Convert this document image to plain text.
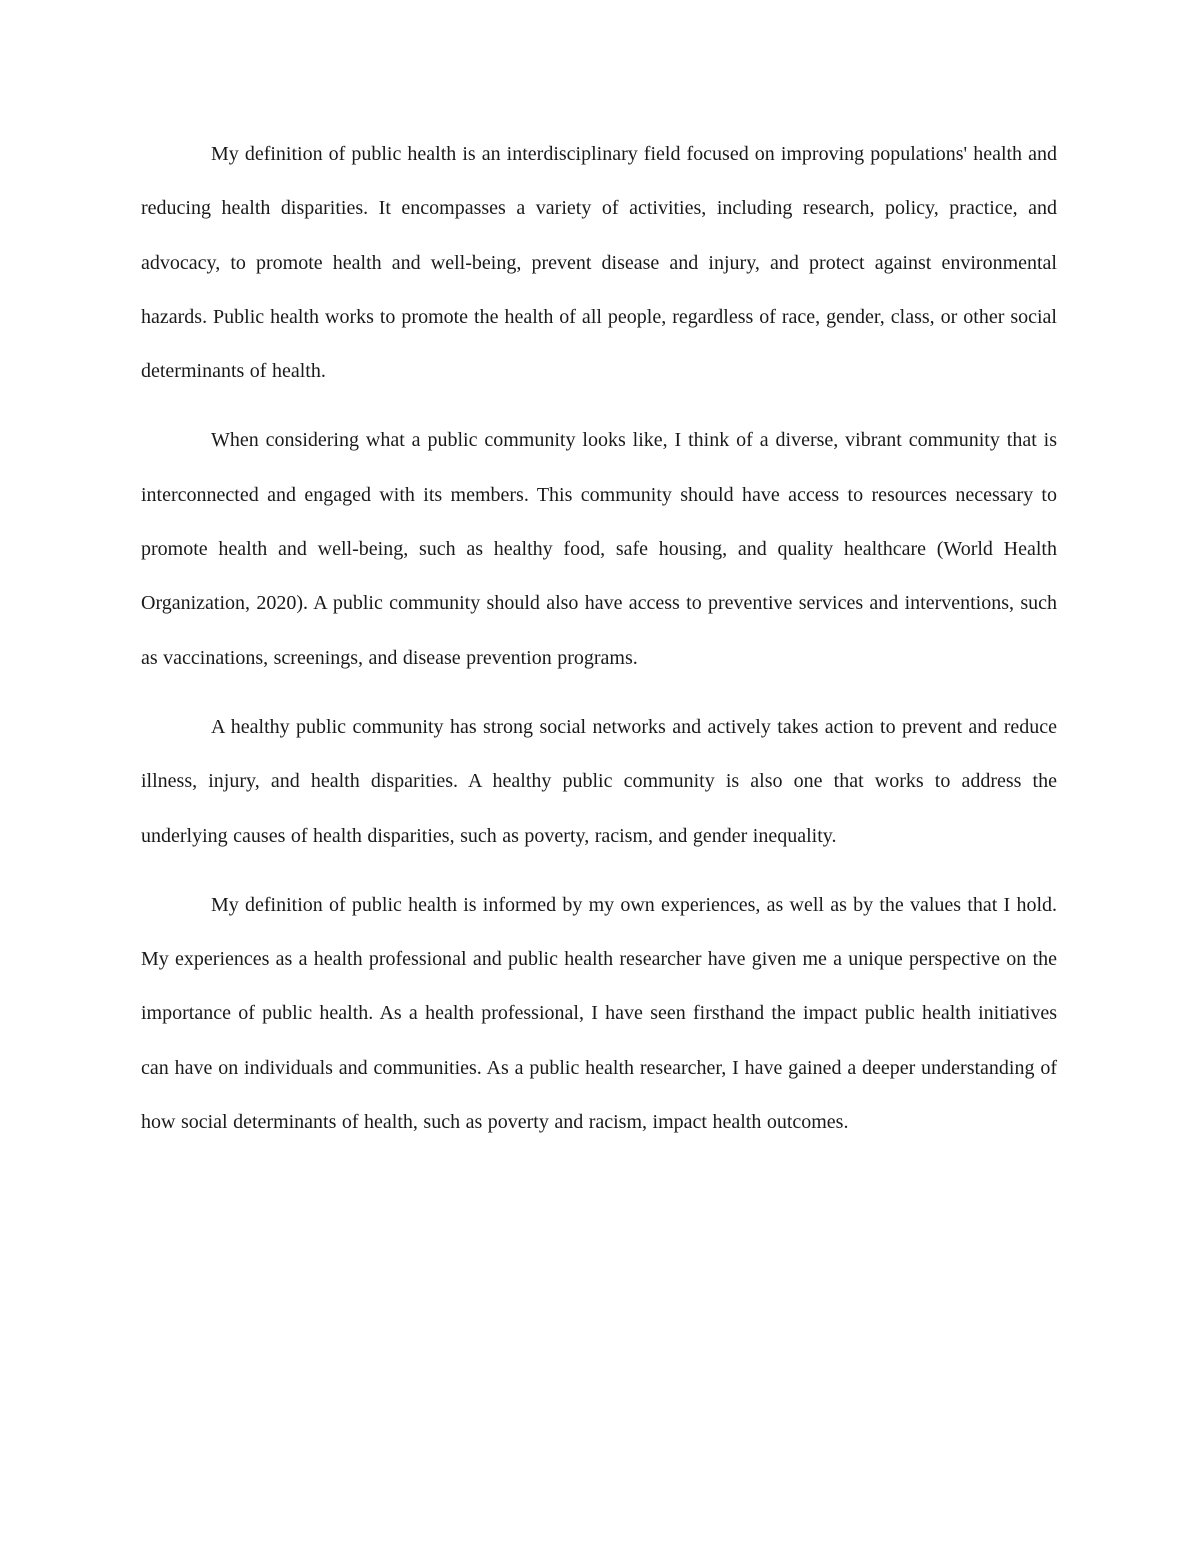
My definition of public health is an interdisciplinary field focused on improving populations' health and reducing health disparities. It encompasses a variety of activities, including research, policy, practice, and advocacy, to promote health and well-being, prevent disease and injury, and protect against environmental hazards. Public health works to promote the health of all people, regardless of race, gender, class, or other social determinants of health.

When considering what a public community looks like, I think of a diverse, vibrant community that is interconnected and engaged with its members. This community should have access to resources necessary to promote health and well-being, such as healthy food, safe housing, and quality healthcare (World Health Organization, 2020). A public community should also have access to preventive services and interventions, such as vaccinations, screenings, and disease prevention programs.

A healthy public community has strong social networks and actively takes action to prevent and reduce illness, injury, and health disparities. A healthy public community is also one that works to address the underlying causes of health disparities, such as poverty, racism, and gender inequality.

My definition of public health is informed by my own experiences, as well as by the values that I hold. My experiences as a health professional and public health researcher have given me a unique perspective on the importance of public health. As a health professional, I have seen firsthand the impact public health initiatives can have on individuals and communities. As a public health researcher, I have gained a deeper understanding of how social determinants of health, such as poverty and racism, impact health outcomes.
